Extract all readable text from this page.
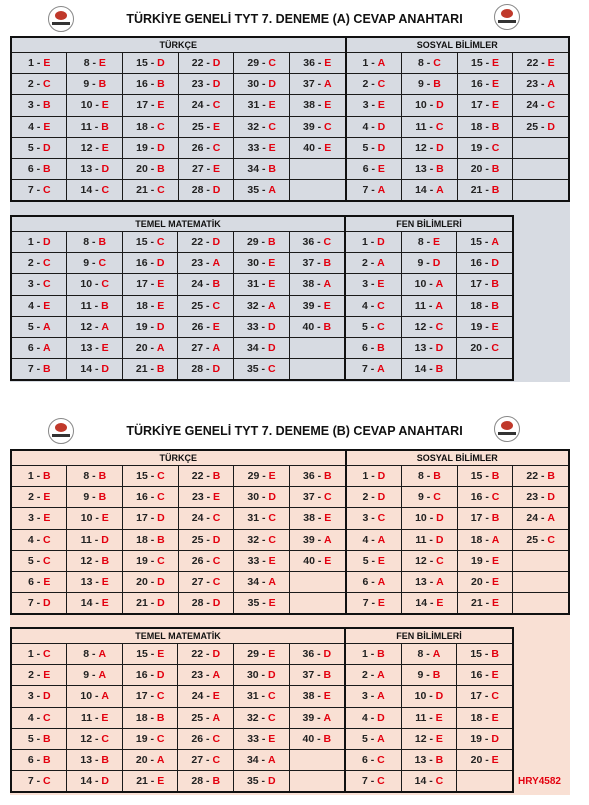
TÜRKİYE GENELİ TYT 7. DENEME (A) CEVAP ANAHTARI
TÜRKÇE						SOSYAL BİLİMLER			

1 - E	8 - E	15 - D	22 - D	29 - C	36 - E	1 - A	8 - C	15 - E	22 - E

2 - C	9 - B	16 - B	23 - D	30 - D	37 - A	2 - C	9 - B	16 - E	23 - A

3 - B	10 - E	17 - E	24 - C	31 - E	38 - E	3 - E	10 - D	17 - E	24 - C

4 - E	11 - B	18 - C	25 - E	32 - C	39 - C	4 - D	11 - C	18 - B	25 - D

5 - D	12 - E	19 - D	26 - C	33 - E	40 - E	5 - D	12 - D	19 - C	

6 - B	13 - D	20 - B	27 - E	34 - B		6 - E	13 - B	20 - B	

7 - C	14 - C	21 - C	28 - D	35 - A		7 - A	14 - A	21 - B	

TEMEL MATEMATİK						FEN BİLİMLERİ		

1 - D	8 - B	15 - C	22 - D	29 - B	36 - C	1 - D	8 - E	15 - A

2 - C	9 - C	16 - D	23 - A	30 - E	37 - B	2 - A	9 - D	16 - D

3 - C	10 - C	17 - E	24 - B	31 - E	38 - A	3 - E	10 - A	17 - B

4 - E	11 - B	18 - E	25 - C	32 - A	39 - E	4 - C	11 - A	18 - B

5 - A	12 - A	19 - D	26 - E	33 - D	40 - B	5 - C	12 - C	19 - E

6 - A	13 - E	20 - A	27 - A	34 - D		6 - B	13 - D	20 - C

7 - B	14 - D	21 - B	28 - D	35 - C		7 - A	14 - B	

TÜRKİYE GENELİ TYT 7. DENEME (B) CEVAP ANAHTARI
TÜRKÇE						SOSYAL BİLİMLER			

1 - B	8 - B	15 - C	22 - B	29 - E	36 - B	1 - D	8 - B	15 - B	22 - B

2 - E	9 - B	16 - C	23 - E	30 - D	37 - C	2 - D	9 - C	16 - C	23 - D

3 - E	10 - E	17 - D	24 - C	31 - C	38 - E	3 - C	10 - D	17 - B	24 - A

4 - C	11 - D	18 - B	25 - D	32 - C	39 - A	4 - A	11 - D	18 - A	25 - C

5 - C	12 - B	19 - C	26 - C	33 - E	40 - E	5 - E	12 - C	19 - E	

6 - E	13 - E	20 - D	27 - C	34 - A		6 - A	13 - A	20 - E	

7 - D	14 - E	21 - D	28 - D	35 - E		7 - E	14 - E	21 - E	

TEMEL MATEMATİK						FEN BİLİMLERİ		

1 - C	8 - A	15 - E	22 - D	29 - E	36 - D	1 - B	8 - A	15 - B

2 - E	9 - A	16 - D	23 - A	30 - D	37 - B	2 - A	9 - B	16 - E

3 - D	10 - A	17 - C	24 - E	31 - C	38 - E	3 - A	10 - D	17 - C

4 - C	11 - E	18 - B	25 - A	32 - C	39 - A	4 - D	11 - E	18 - E

5 - B	12 - C	19 - C	26 - C	33 - E	40 - B	5 - A	12 - E	19 - D

6 - B	13 - B	20 - A	27 - C	34 - A		6 - C	13 - B	20 - E

7 - C	14 - D	21 - E	28 - B	35 - D		7 - C	14 - C	
		HRY4582
